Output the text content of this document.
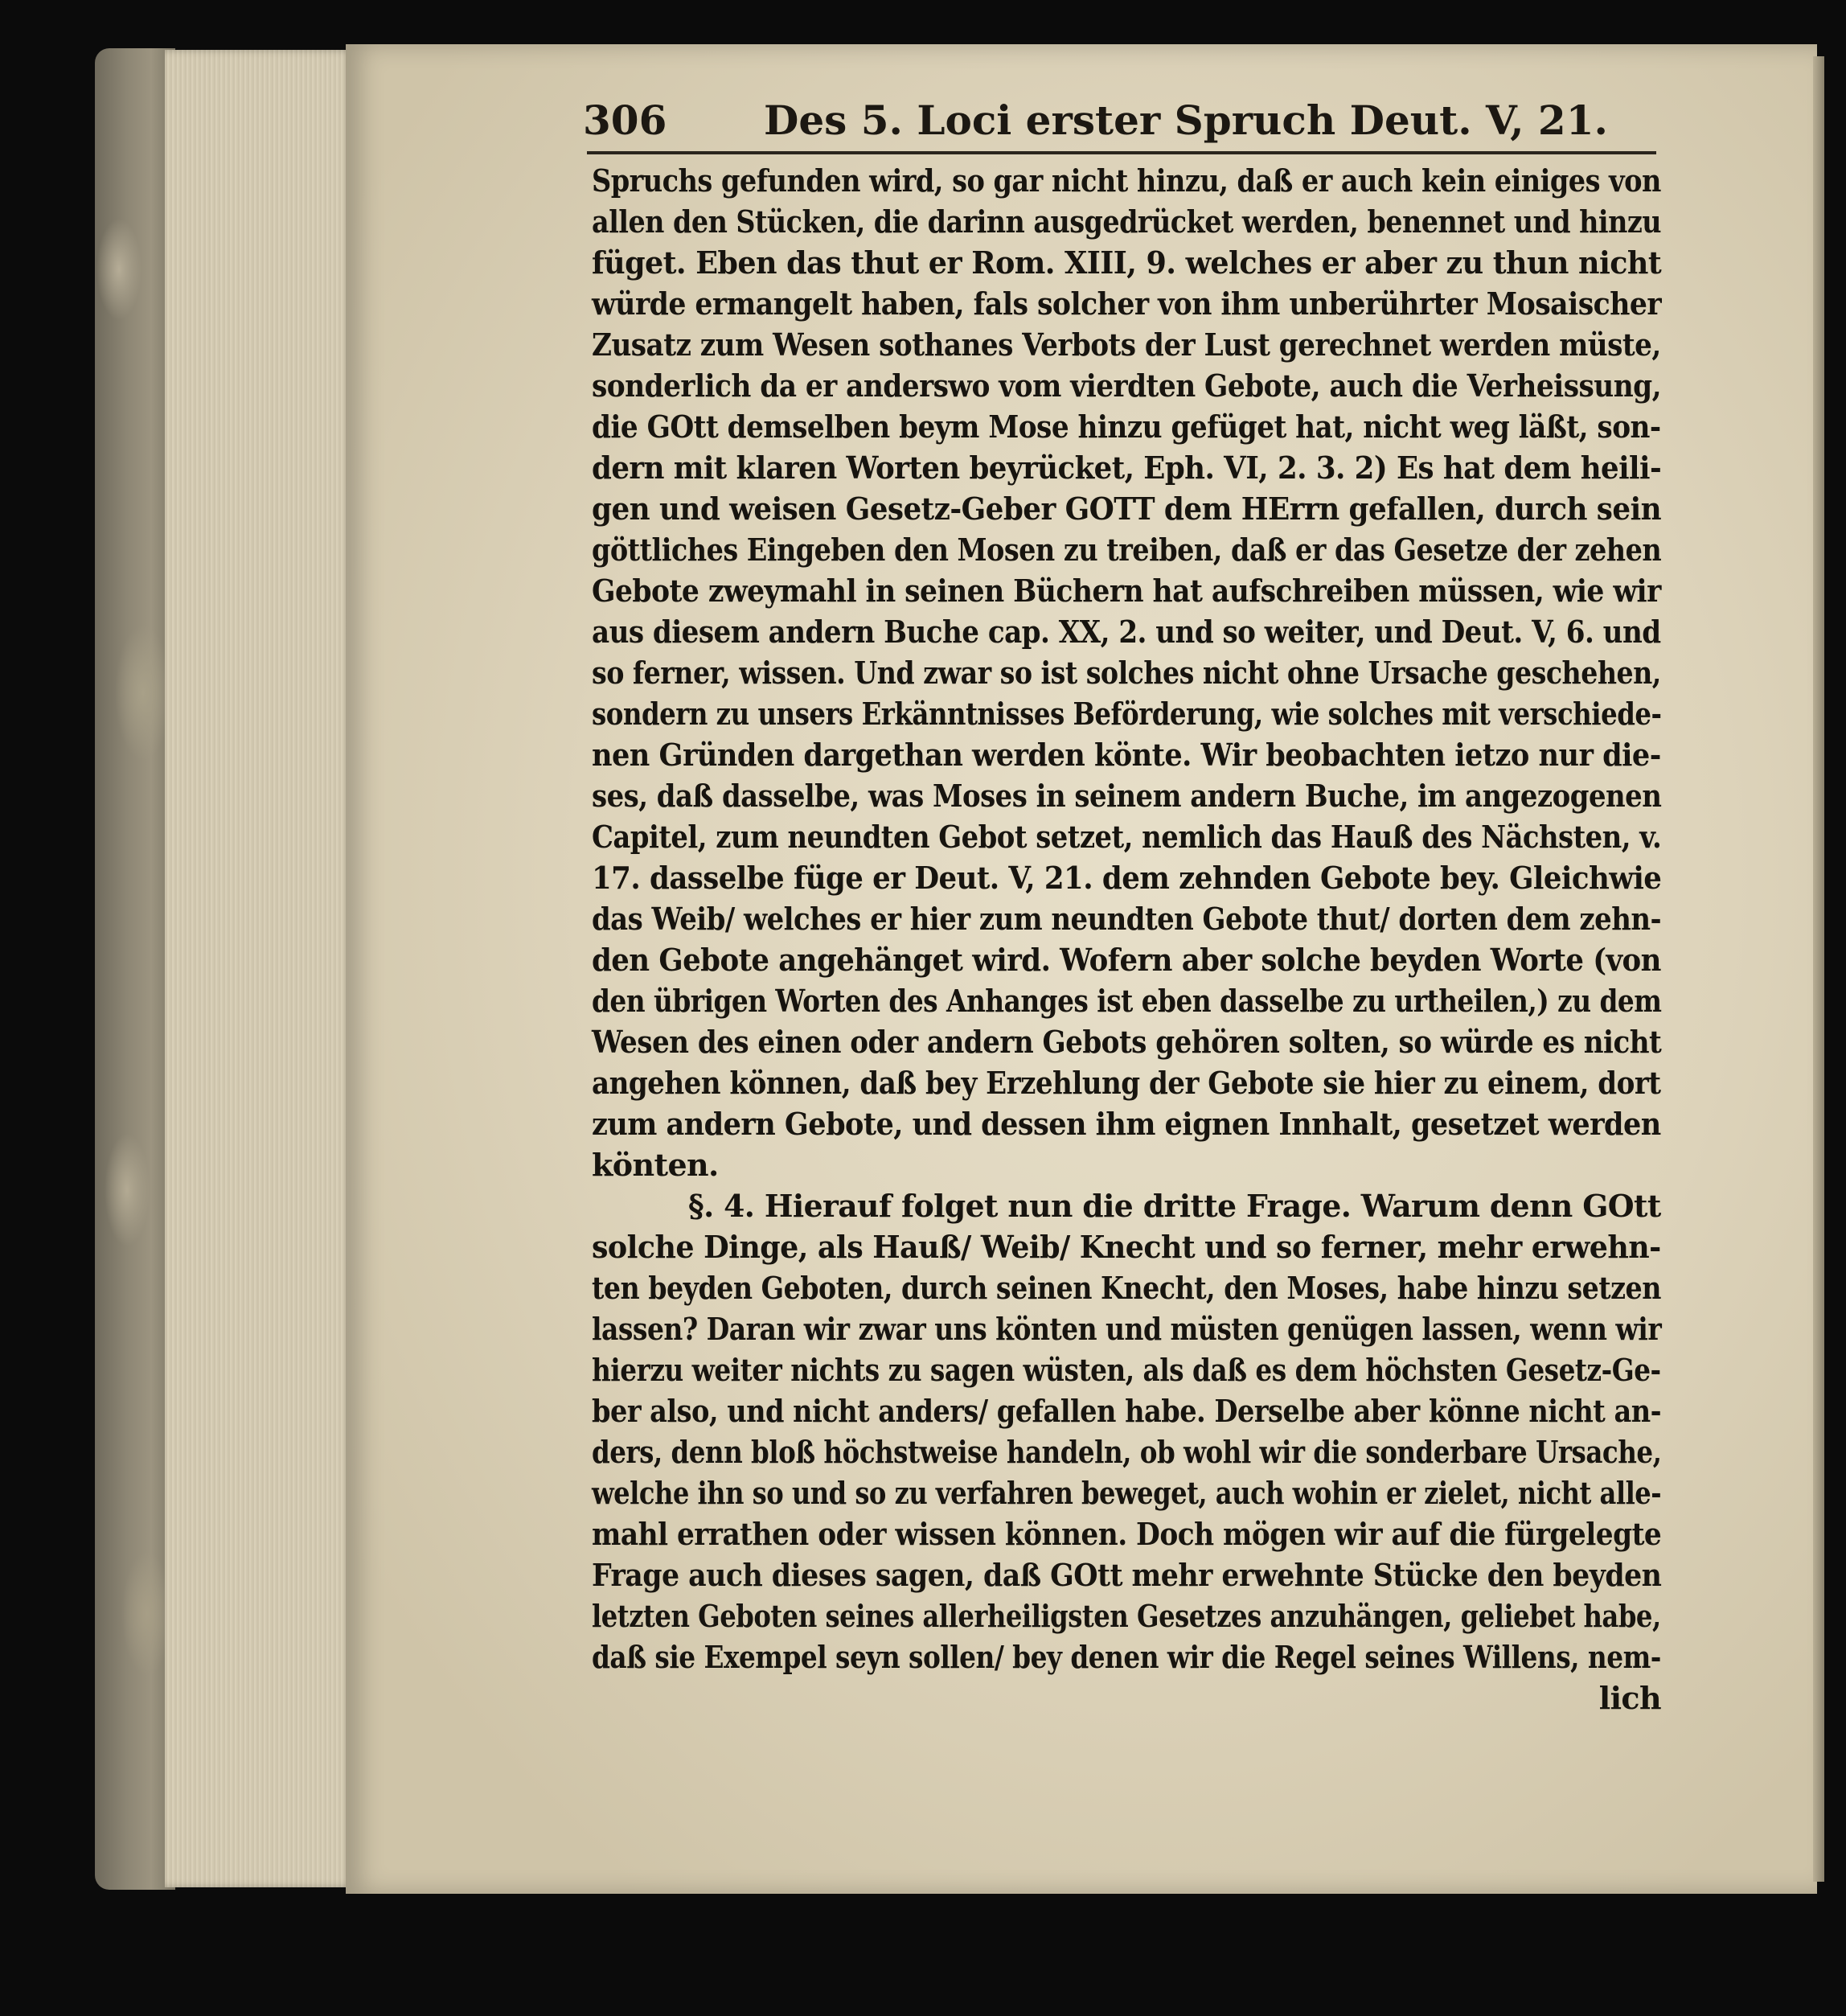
306 Des 5. Loci erster Spruch Deut. V, 21.
Spruchs gefunden wird, so gar nicht hinzu, daß er auch kein einiges von
allen den Stücken, die darinn ausgedrücket werden, benennet und hinzu
füget. Eben das thut er Rom. XIII, 9. welches er aber zu thun nicht
würde ermangelt haben, fals solcher von ihm unberührter Mosaischer
Zusatz zum Wesen sothanes Verbots der Lust gerechnet werden müste,
sonderlich da er anderswo vom vierdten Gebote, auch die Verheissung,
die GOtt demselben beym Mose hinzu gefüget hat, nicht weg läßt, son-
dern mit klaren Worten beyrücket, Eph. VI, 2. 3. 2) Es hat dem heili-
gen und weisen Gesetz-Geber GOTT dem HErrn gefallen, durch sein
göttliches Eingeben den Mosen zu treiben, daß er das Gesetze der zehen
Gebote zweymahl in seinen Büchern hat aufschreiben müssen, wie wir
aus diesem andern Buche cap. XX, 2. und so weiter, und Deut. V, 6. und
so ferner, wissen. Und zwar so ist solches nicht ohne Ursache geschehen,
sondern zu unsers Erkänntnisses Beförderung, wie solches mit verschiede-
nen Gründen dargethan werden könte. Wir beobachten ietzo nur die-
ses, daß dasselbe, was Moses in seinem andern Buche, im angezogenen
Capitel, zum neundten Gebot setzet, nemlich das Hauß des Nächsten, v.
17. dasselbe füge er Deut. V, 21. dem zehnden Gebote bey. Gleichwie
das Weib/ welches er hier zum neundten Gebote thut/ dorten dem zehn-
den Gebote angehänget wird. Wofern aber solche beyden Worte (von
den übrigen Worten des Anhanges ist eben dasselbe zu urtheilen,) zu dem
Wesen des einen oder andern Gebots gehören solten, so würde es nicht
angehen können, daß bey Erzehlung der Gebote sie hier zu einem, dort
zum andern Gebote, und dessen ihm eignen Innhalt, gesetzet werden
könten.
§. 4. Hierauf folget nun die dritte Frage. Warum denn GOtt
solche Dinge, als Hauß/ Weib/ Knecht und so ferner, mehr erwehn-
ten beyden Geboten, durch seinen Knecht, den Moses, habe hinzu setzen
lassen? Daran wir zwar uns könten und müsten genügen lassen, wenn wir
hierzu weiter nichts zu sagen wüsten, als daß es dem höchsten Gesetz-Ge-
ber also, und nicht anders/ gefallen habe. Derselbe aber könne nicht an-
ders, denn bloß höchstweise handeln, ob wohl wir die sonderbare Ursache,
welche ihn so und so zu verfahren beweget, auch wohin er zielet, nicht alle-
mahl errathen oder wissen können. Doch mögen wir auf die fürgelegte
Frage auch dieses sagen, daß GOtt mehr erwehnte Stücke den beyden
letzten Geboten seines allerheiligsten Gesetzes anzuhängen, geliebet habe,
daß sie Exempel seyn sollen/ bey denen wir die Regel seines Willens, nem-
lich
